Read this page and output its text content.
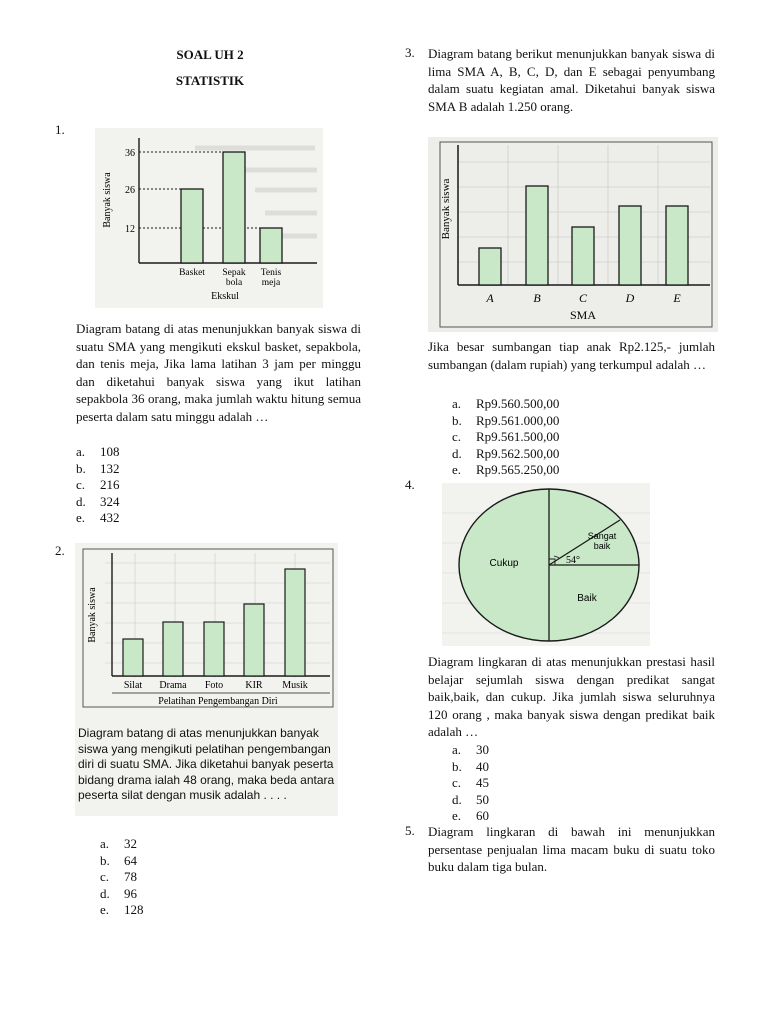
SOAL UH 2
STATISTIK
1.
36
26
12
Basket Sepak
bola
Tenis
meja
Ekskul
Banyak siswa
Diagram batang di atas menunjukkan banyak siswa di suatu SMA yang mengikuti ekskul basket, sepakbola, dan tenis meja, Jika lama latihan 3 jam per minggu dan diketahui banyak siswa yang ikut latihan sepakbola 36 orang, maka jumlah waktu hitung semua peserta dalam satu minggu adalah …
a.	108
b.	132
c.	216
d.	324
e.	432
2.
Silat Drama Foto KIR Musik
Pelatihan Pengembangan Diri
Banyak siswa
Diagram batang di atas menunjukkan banyak siswa yang mengikuti pelatihan pengembangan diri di suatu SMA. Jika diketahui banyak peserta bidang drama ialah 48 orang, maka beda antara peserta silat dengan musik adalah . . . .
a.	32
b.	64
c.	78
d.	96
e.	128
3. Diagram batang berikut menunjukkan banyak siswa di lima SMA A, B, C, D, dan E sebagai penyumbang dalam suatu kegiatan amal. Diketahui banyak siswa SMA B adalah 1.250 orang.
A	B	C	D	E
SMA
Banyak siswa
Jika besar sumbangan tiap anak Rp2.125,- jumlah sumbangan (dalam rupiah) yang terkumpul adalah …
a.	Rp9.560.500,00
b.	Rp9.561.000,00
c.	Rp9.561.500,00
d.	Rp9.562.500,00
e.	Rp9.565.250,00
4.
Cukup
Sangat
baik
54°
Baik
Diagram lingkaran di atas menunjukkan prestasi hasil belajar sejumlah siswa dengan predikat sangat baik,baik, dan cukup. Jika jumlah siswa seluruhnya 120 orang , maka banyak siswa dengan predikat baik adalah …
a.	30
b.	40
c.	45
d.	50
e.	60
5. Diagram lingkaran di bawah ini menunjukkan persentase penjualan lima macam buku di suatu toko buku dalam tiga bulan.
